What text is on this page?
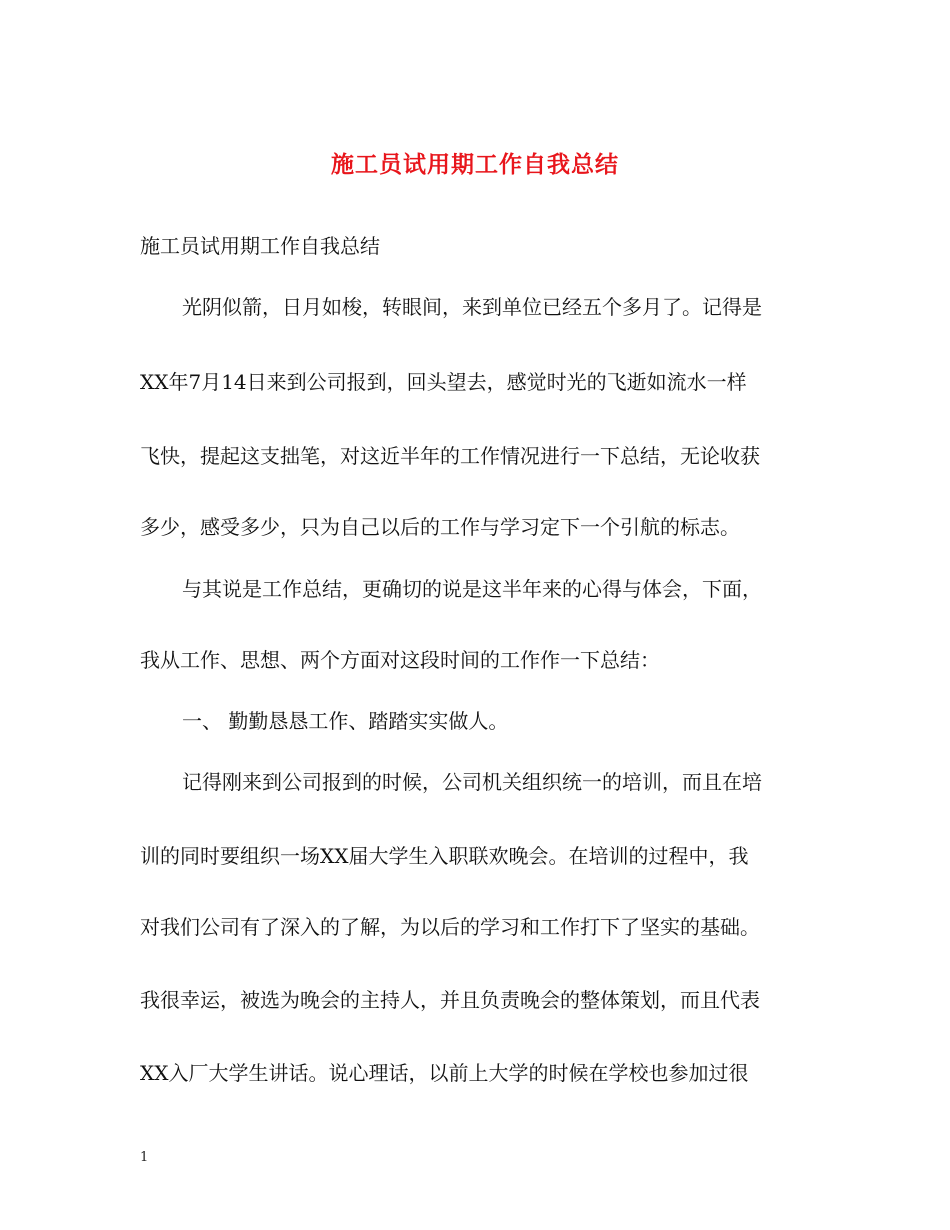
施工员试用期工作自我总结
施工员试用期工作自我总结
光阴似箭，日月如梭，转眼间，来到单位已经五个多月了。记得是
XX年7月14日来到公司报到，回头望去，感觉时光的飞逝如流水一样
飞快，提起这支拙笔，对这近半年的工作情况进行一下总结，无论收获
多少，感受多少，只为自己以后的工作与学习定下一个引航的标志。
与其说是工作总结，更确切的说是这半年来的心得与体会，下面，
我从工作、思想、两个方面对这段时间的工作作一下总结：
一、 勤勤恳恳工作、踏踏实实做人。
记得刚来到公司报到的时候，公司机关组织统一的培训，而且在培
训的同时要组织一场XX届大学生入职联欢晚会。在培训的过程中，我
对我们公司有了深入的了解，为以后的学习和工作打下了坚实的基础。
我很幸运，被选为晚会的主持人，并且负责晚会的整体策划，而且代表
XX入厂大学生讲话。说心理话，以前上大学的时候在学校也参加过很
1
